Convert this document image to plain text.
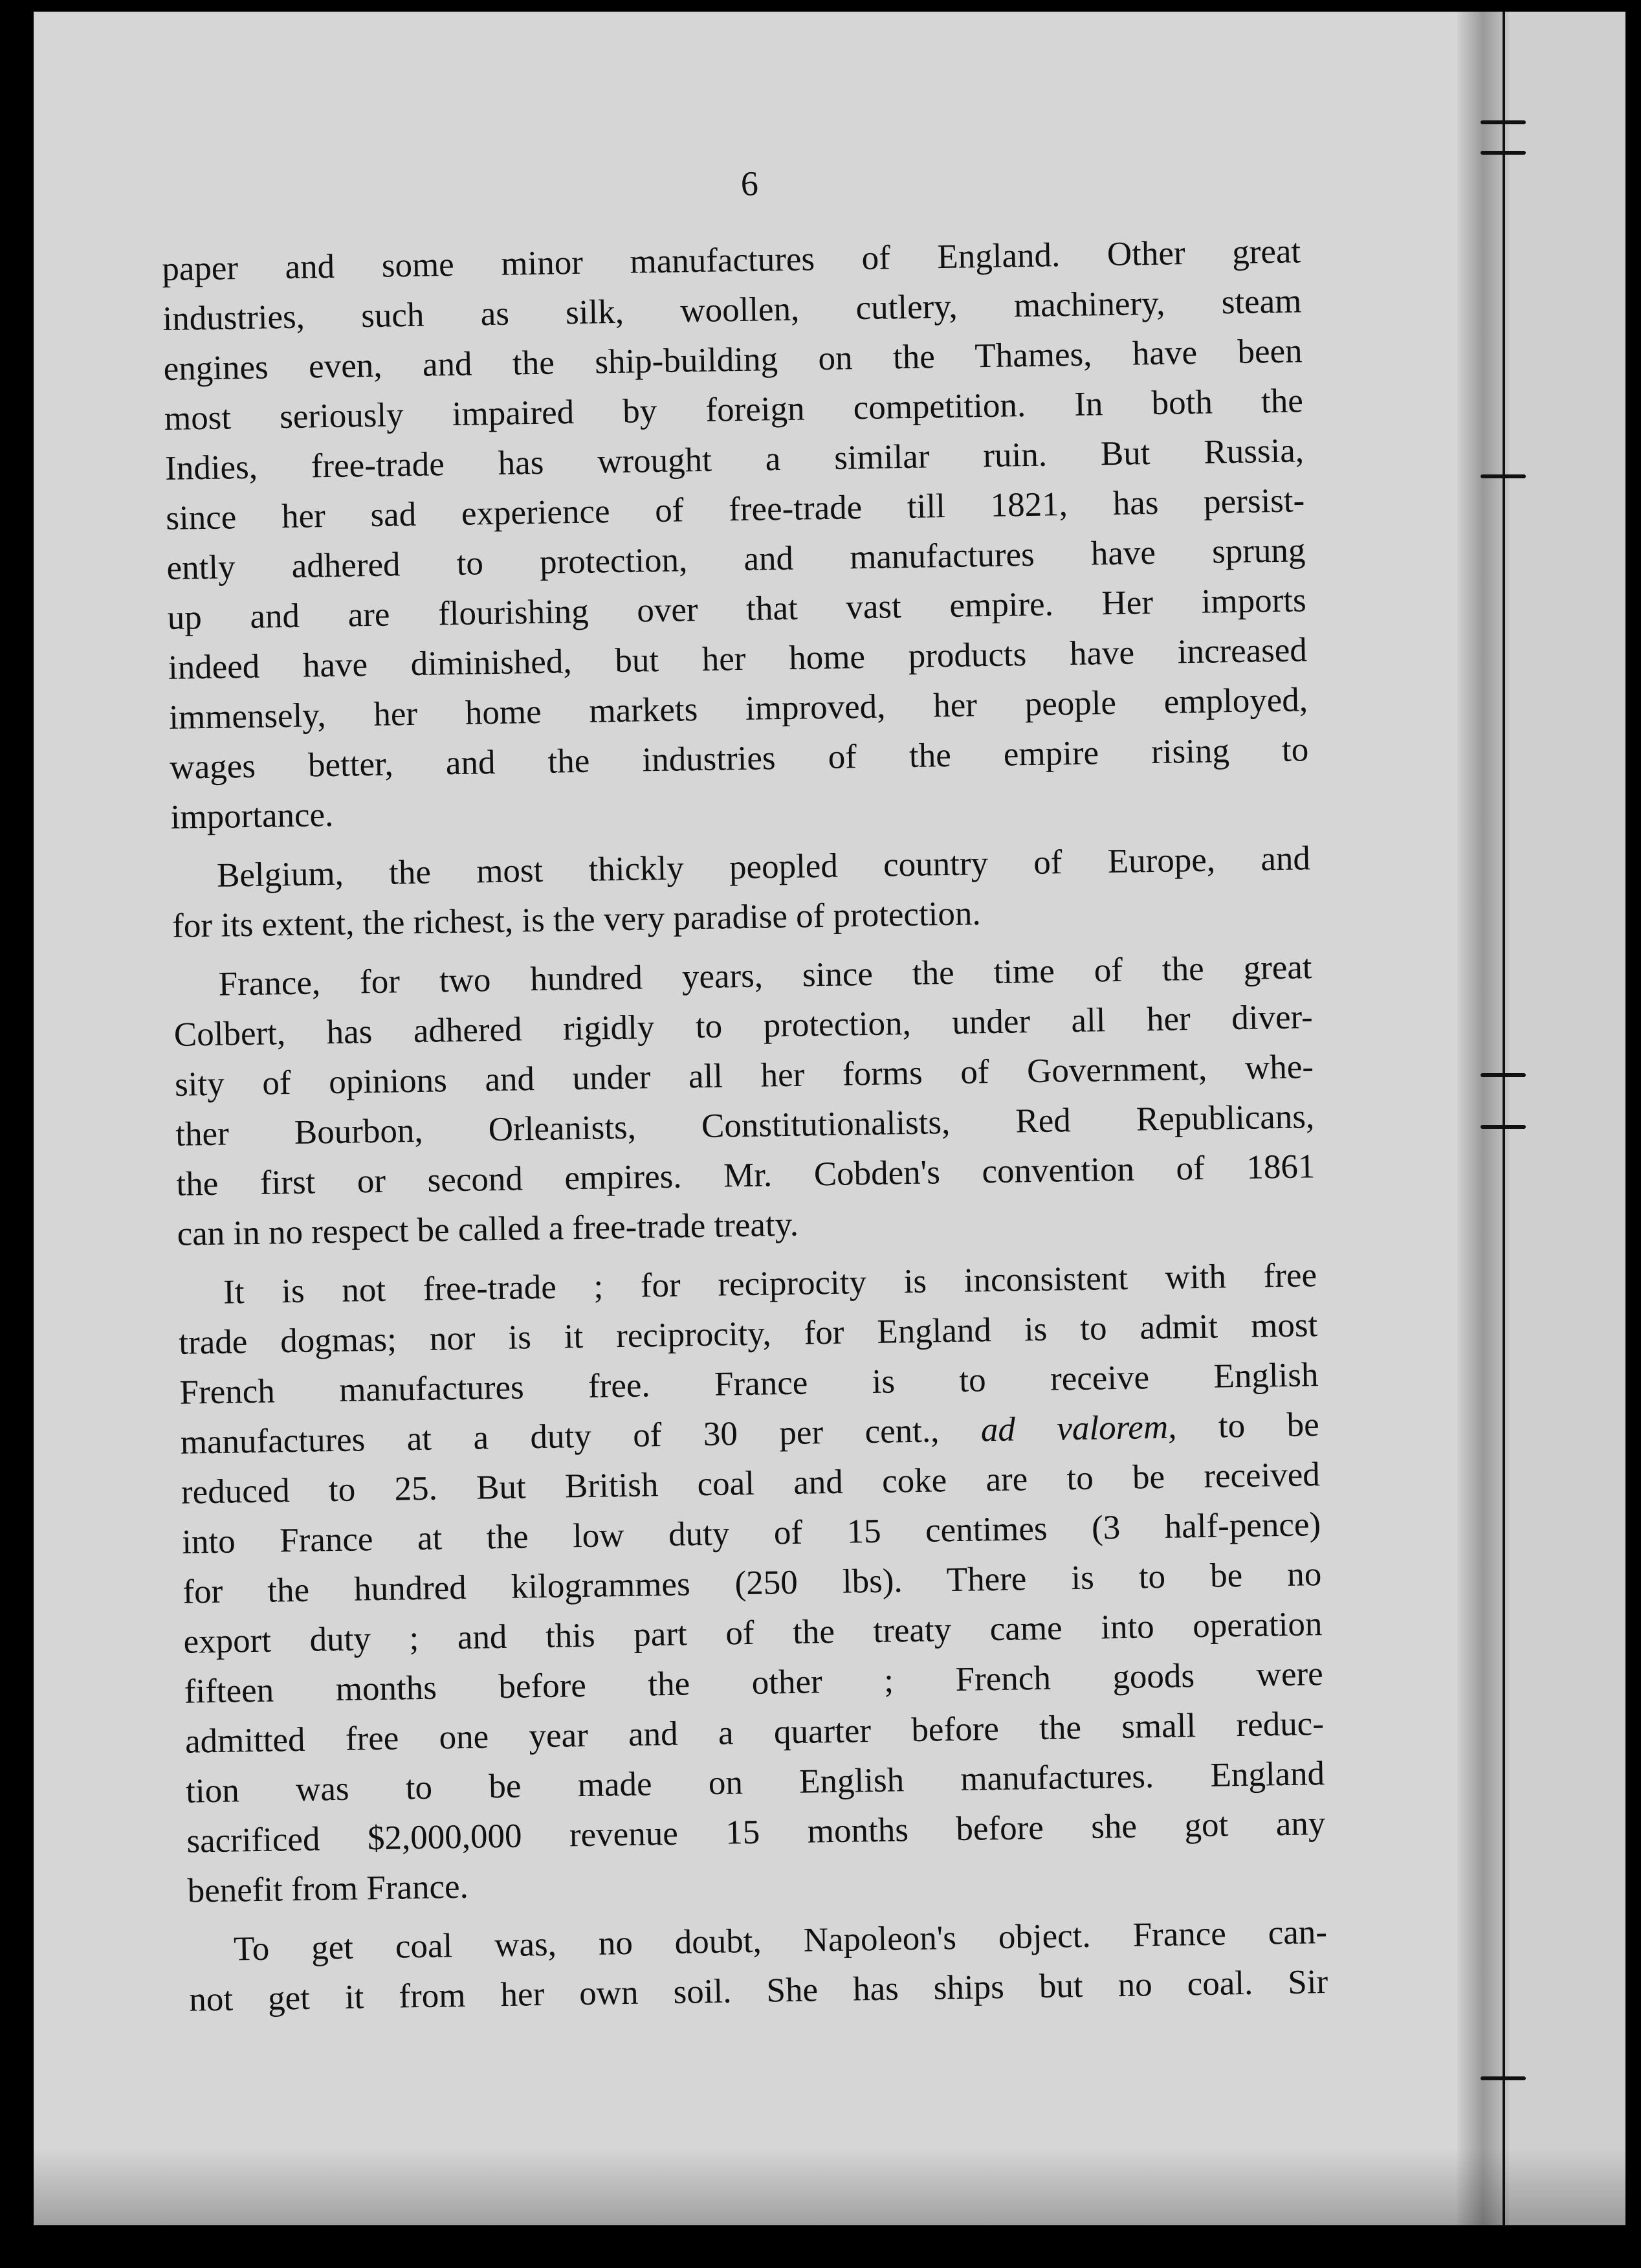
6

paper and some minor manufactures of England. Other great
industries, such as silk, woollen, cutlery, machinery, steam
engines even, and the ship-building on the Thames, have been
most seriously impaired by foreign competition. In both the
Indies, free-trade has wrought a similar ruin. But Russia,
since her sad experience of free-trade till 1821, has persist-
ently adhered to protection, and manufactures have sprung
up and are flourishing over that vast empire. Her imports
indeed have diminished, but her home products have increased
immensely, her home markets improved, her people employed,
wages better, and the industries of the empire rising to
importance.

Belgium, the most thickly peopled country of Europe, and
for its extent, the richest, is the very paradise of protection.

France, for two hundred years, since the time of the great
Colbert, has adhered rigidly to protection, under all her diver-
sity of opinions and under all her forms of Government, whe-
ther Bourbon, Orleanists, Constitutionalists, Red Republicans,
the first or second empires. Mr. Cobden's convention of 1861
can in no respect be called a free-trade treaty.

It is not free-trade ; for reciprocity is inconsistent with free
trade dogmas; nor is it reciprocity, for England is to admit most
French manufactures free. France is to receive English
manufactures at a duty of 30 per cent., ad valorem, to be
reduced to 25. But British coal and coke are to be received
into France at the low duty of 15 centimes (3 half-pence)
for the hundred kilogrammes (250 lbs). There is to be no
export duty ; and this part of the treaty came into operation
fifteen months before the other ; French goods were
admitted free one year and a quarter before the small reduc-
tion was to be made on English manufactures. England
sacrificed $2,000,000 revenue 15 months before she got any
benefit from France.

To get coal was, no doubt, Napoleon's object. France can-
not get it from her own soil. She has ships but no coal. Sir
